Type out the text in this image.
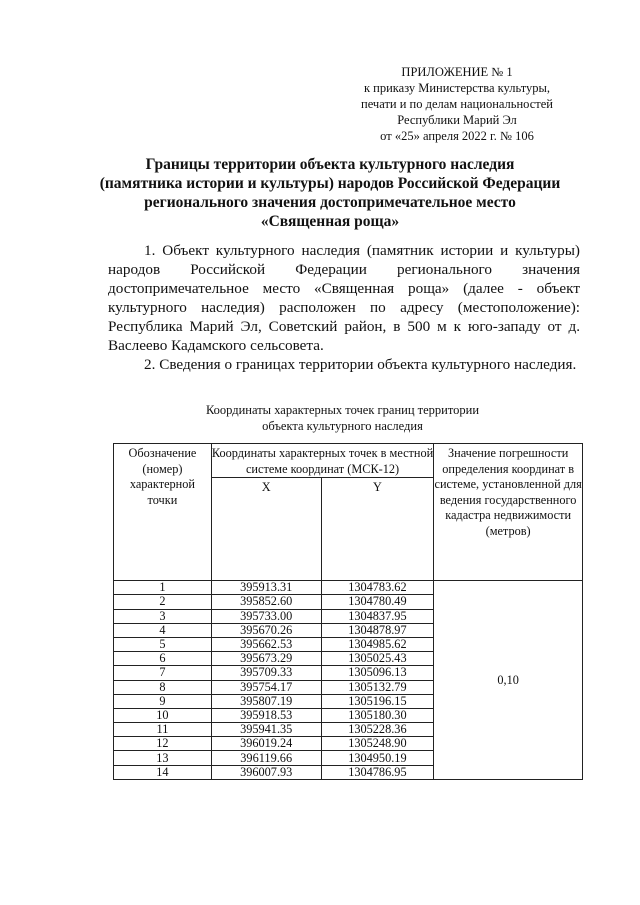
ПРИЛОЖЕНИЕ № 1
к приказу Министерства культуры,
печати и по делам национальностей
Республики Марий Эл
от «25» апреля 2022 г. № 106
Границы территории объекта культурного наследия
(памятника истории и культуры) народов Российской Федерации
регионального значения достопримечательное место
«Священная роща»

1. Объект культурного наследия (памятник истории и культуры) народов Российской Федерации регионального значения достопримечательное место «Священная роща» (далее - объект культурного наследия) расположен по адресу (местоположение): Республика Марий Эл, Советский район, в 500 м к юго-западу от д. Васлеево Кадамского сельсовета.

2. Сведения о границах территории объекта культурного наследия.

Координаты характерных точек границ территории
объекта культурного наследия
Обозначение (номер) характерной точки	Координаты характерных точек в местной системе координат (МСК-12)		Значение погрешности определения координат в системе, установленной для ведения государственного кадастра недвижимости (метров)
	X	Y	
1	395913.31	1304783.62	0,10
2	395852.60	1304780.49	
3	395733.00	1304837.95	
4	395670.26	1304878.97	
5	395662.53	1304985.62	
6	395673.29	1305025.43	
7	395709.33	1305096.13	
8	395754.17	1305132.79	
9	395807.19	1305196.15	
10	395918.53	1305180.30	
11	395941.35	1305228.36	
12	396019.24	1305248.90	
13	396119.66	1304950.19	
14	396007.93	1304786.95	
